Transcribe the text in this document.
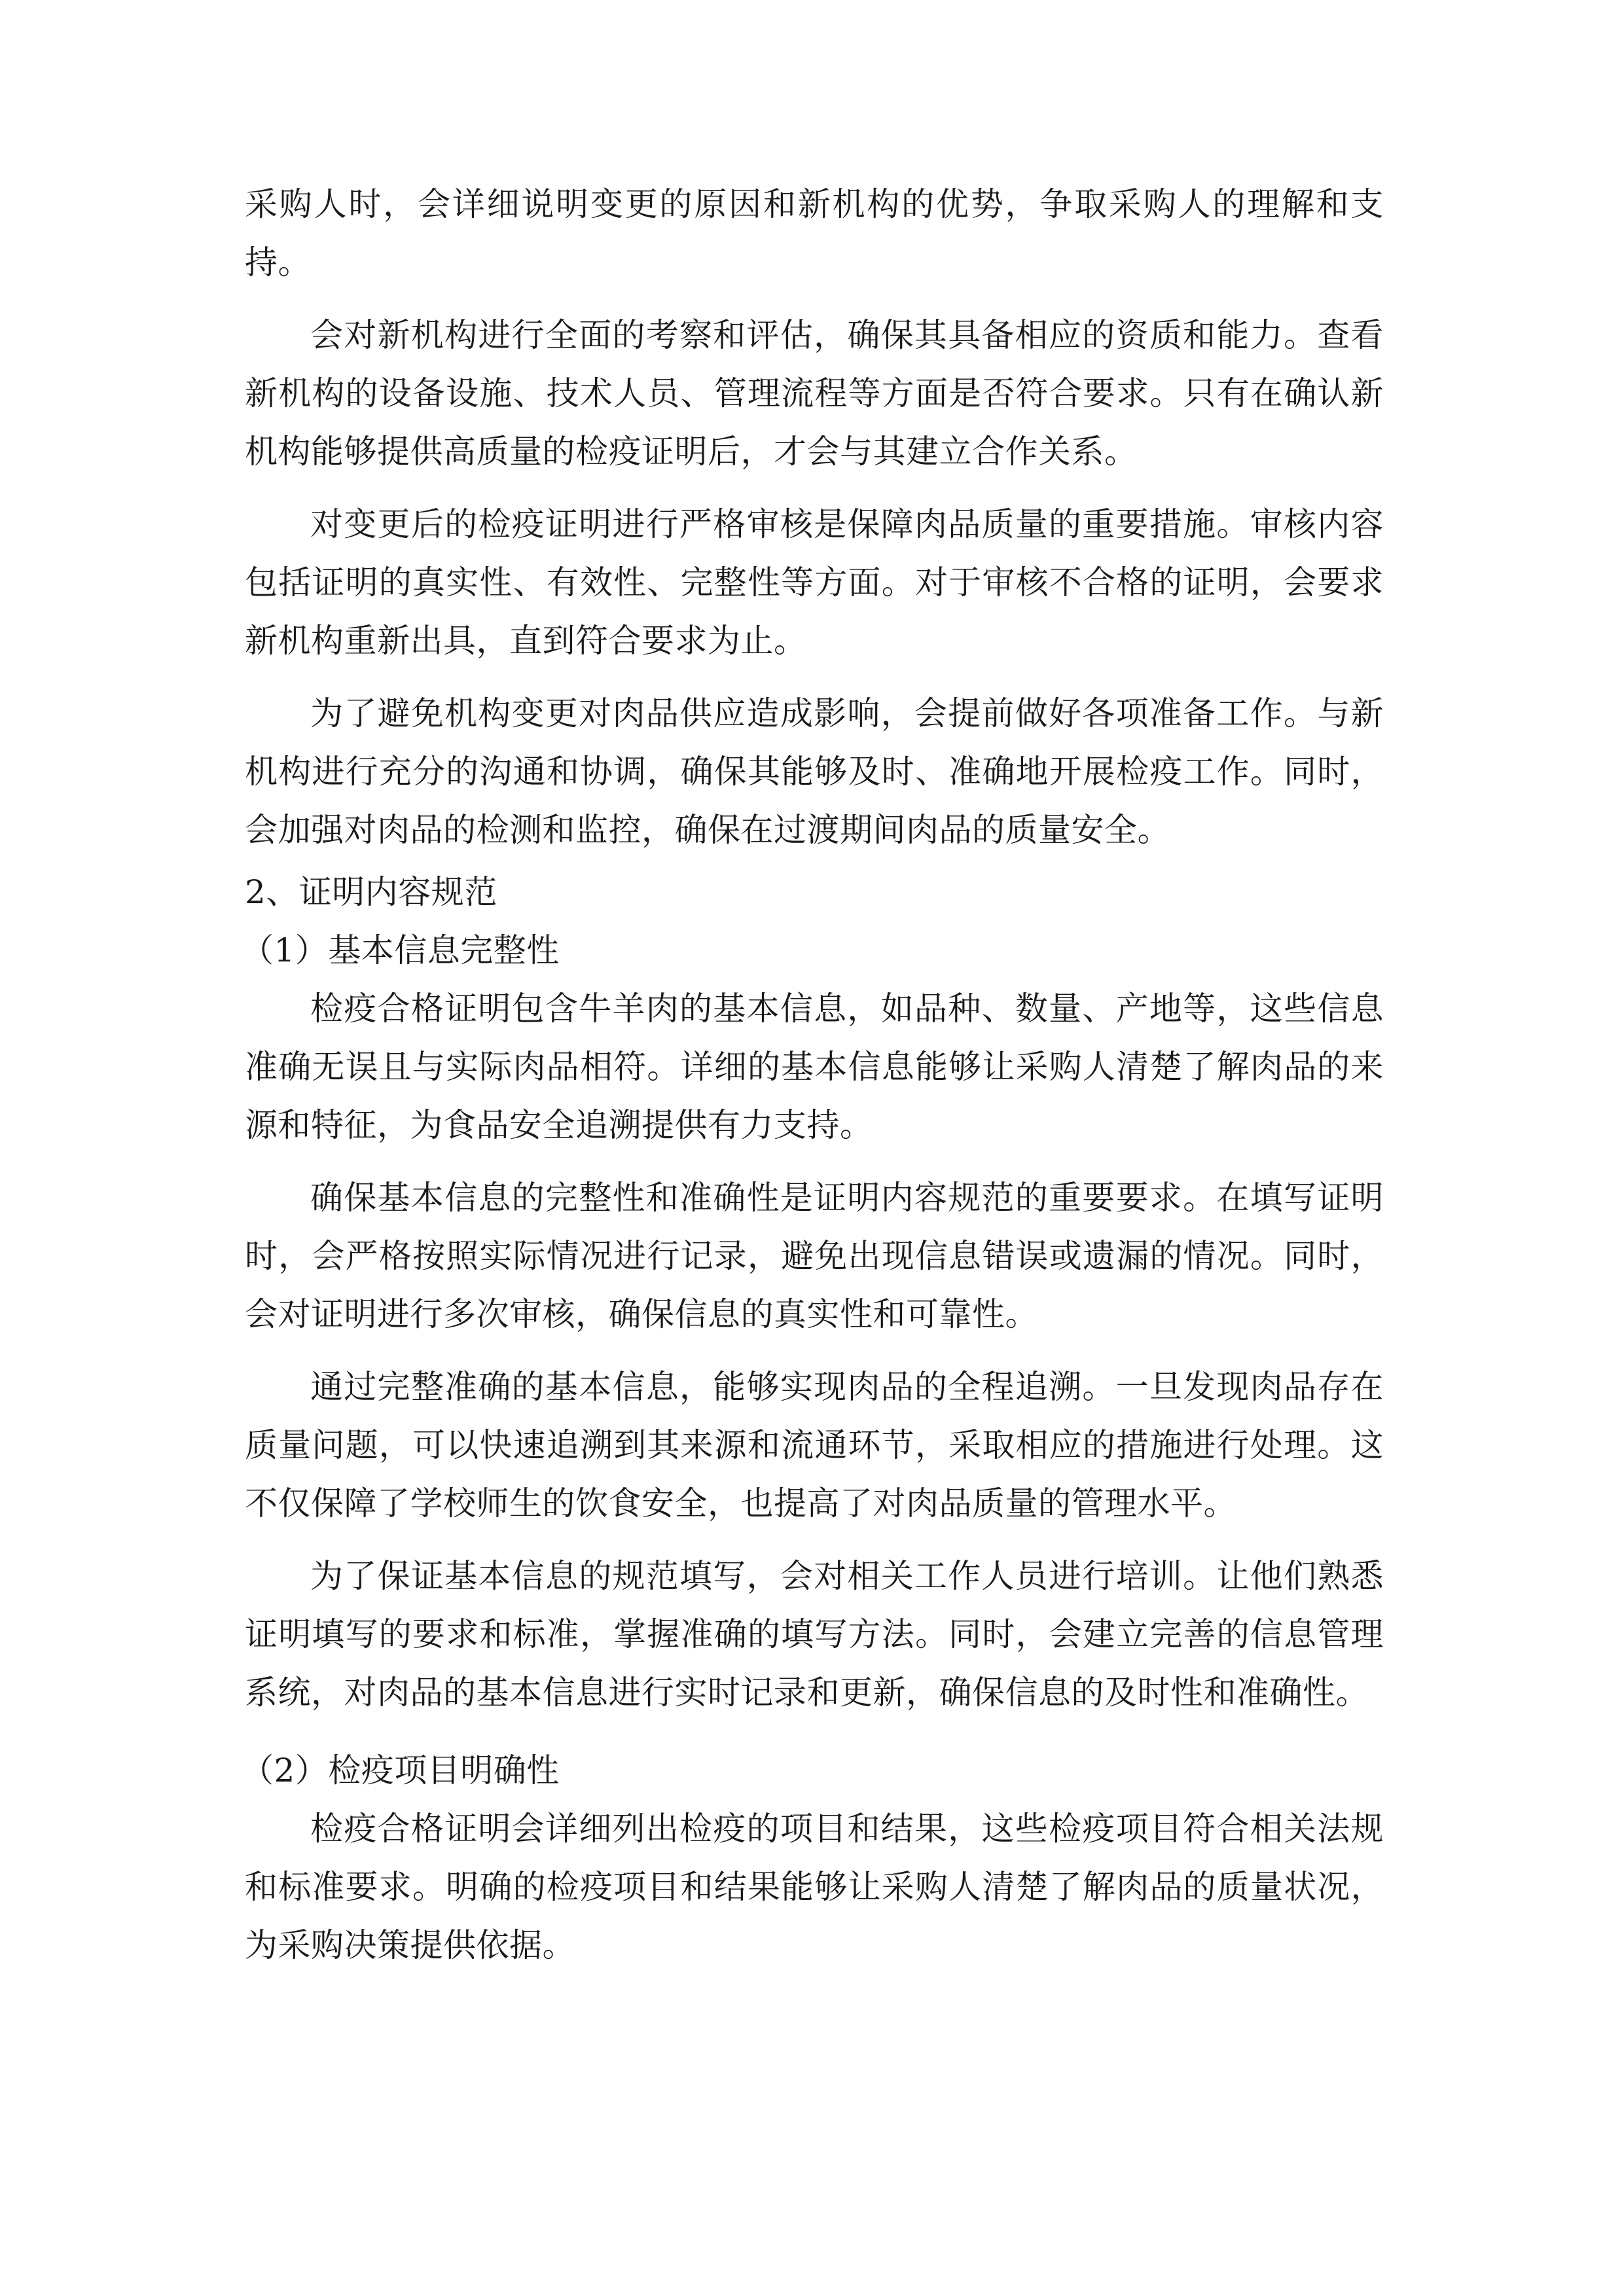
采购人时，会详细说明变更的原因和新机构的优势，争取采购人的理解和支持。

会对新机构进行全面的考察和评估，确保其具备相应的资质和能力。查看新机构的设备设施、技术人员、管理流程等方面是否符合要求。只有在确认新机构能够提供高质量的检疫证明后，才会与其建立合作关系。

对变更后的检疫证明进行严格审核是保障肉品质量的重要措施。审核内容包括证明的真实性、有效性、完整性等方面。对于审核不合格的证明，会要求新机构重新出具，直到符合要求为止。

为了避免机构变更对肉品供应造成影响，会提前做好各项准备工作。与新机构进行充分的沟通和协调，确保其能够及时、准确地开展检疫工作。同时，会加强对肉品的检测和监控，确保在过渡期间肉品的质量安全。

2、证明内容规范

（1）基本信息完整性

检疫合格证明包含牛羊肉的基本信息，如品种、数量、产地等，这些信息准确无误且与实际肉品相符。详细的基本信息能够让采购人清楚了解肉品的来源和特征，为食品安全追溯提供有力支持。

确保基本信息的完整性和准确性是证明内容规范的重要要求。在填写证明时，会严格按照实际情况进行记录，避免出现信息错误或遗漏的情况。同时，会对证明进行多次审核，确保信息的真实性和可靠性。

通过完整准确的基本信息，能够实现肉品的全程追溯。一旦发现肉品存在质量问题，可以快速追溯到其来源和流通环节，采取相应的措施进行处理。这不仅保障了学校师生的饮食安全，也提高了对肉品质量的管理水平。

为了保证基本信息的规范填写，会对相关工作人员进行培训。让他们熟悉证明填写的要求和标准，掌握准确的填写方法。同时，会建立完善的信息管理系统，对肉品的基本信息进行实时记录和更新，确保信息的及时性和准确性。

（2）检疫项目明确性

检疫合格证明会详细列出检疫的项目和结果，这些检疫项目符合相关法规和标准要求。明确的检疫项目和结果能够让采购人清楚了解肉品的质量状况，为采购决策提供依据。
